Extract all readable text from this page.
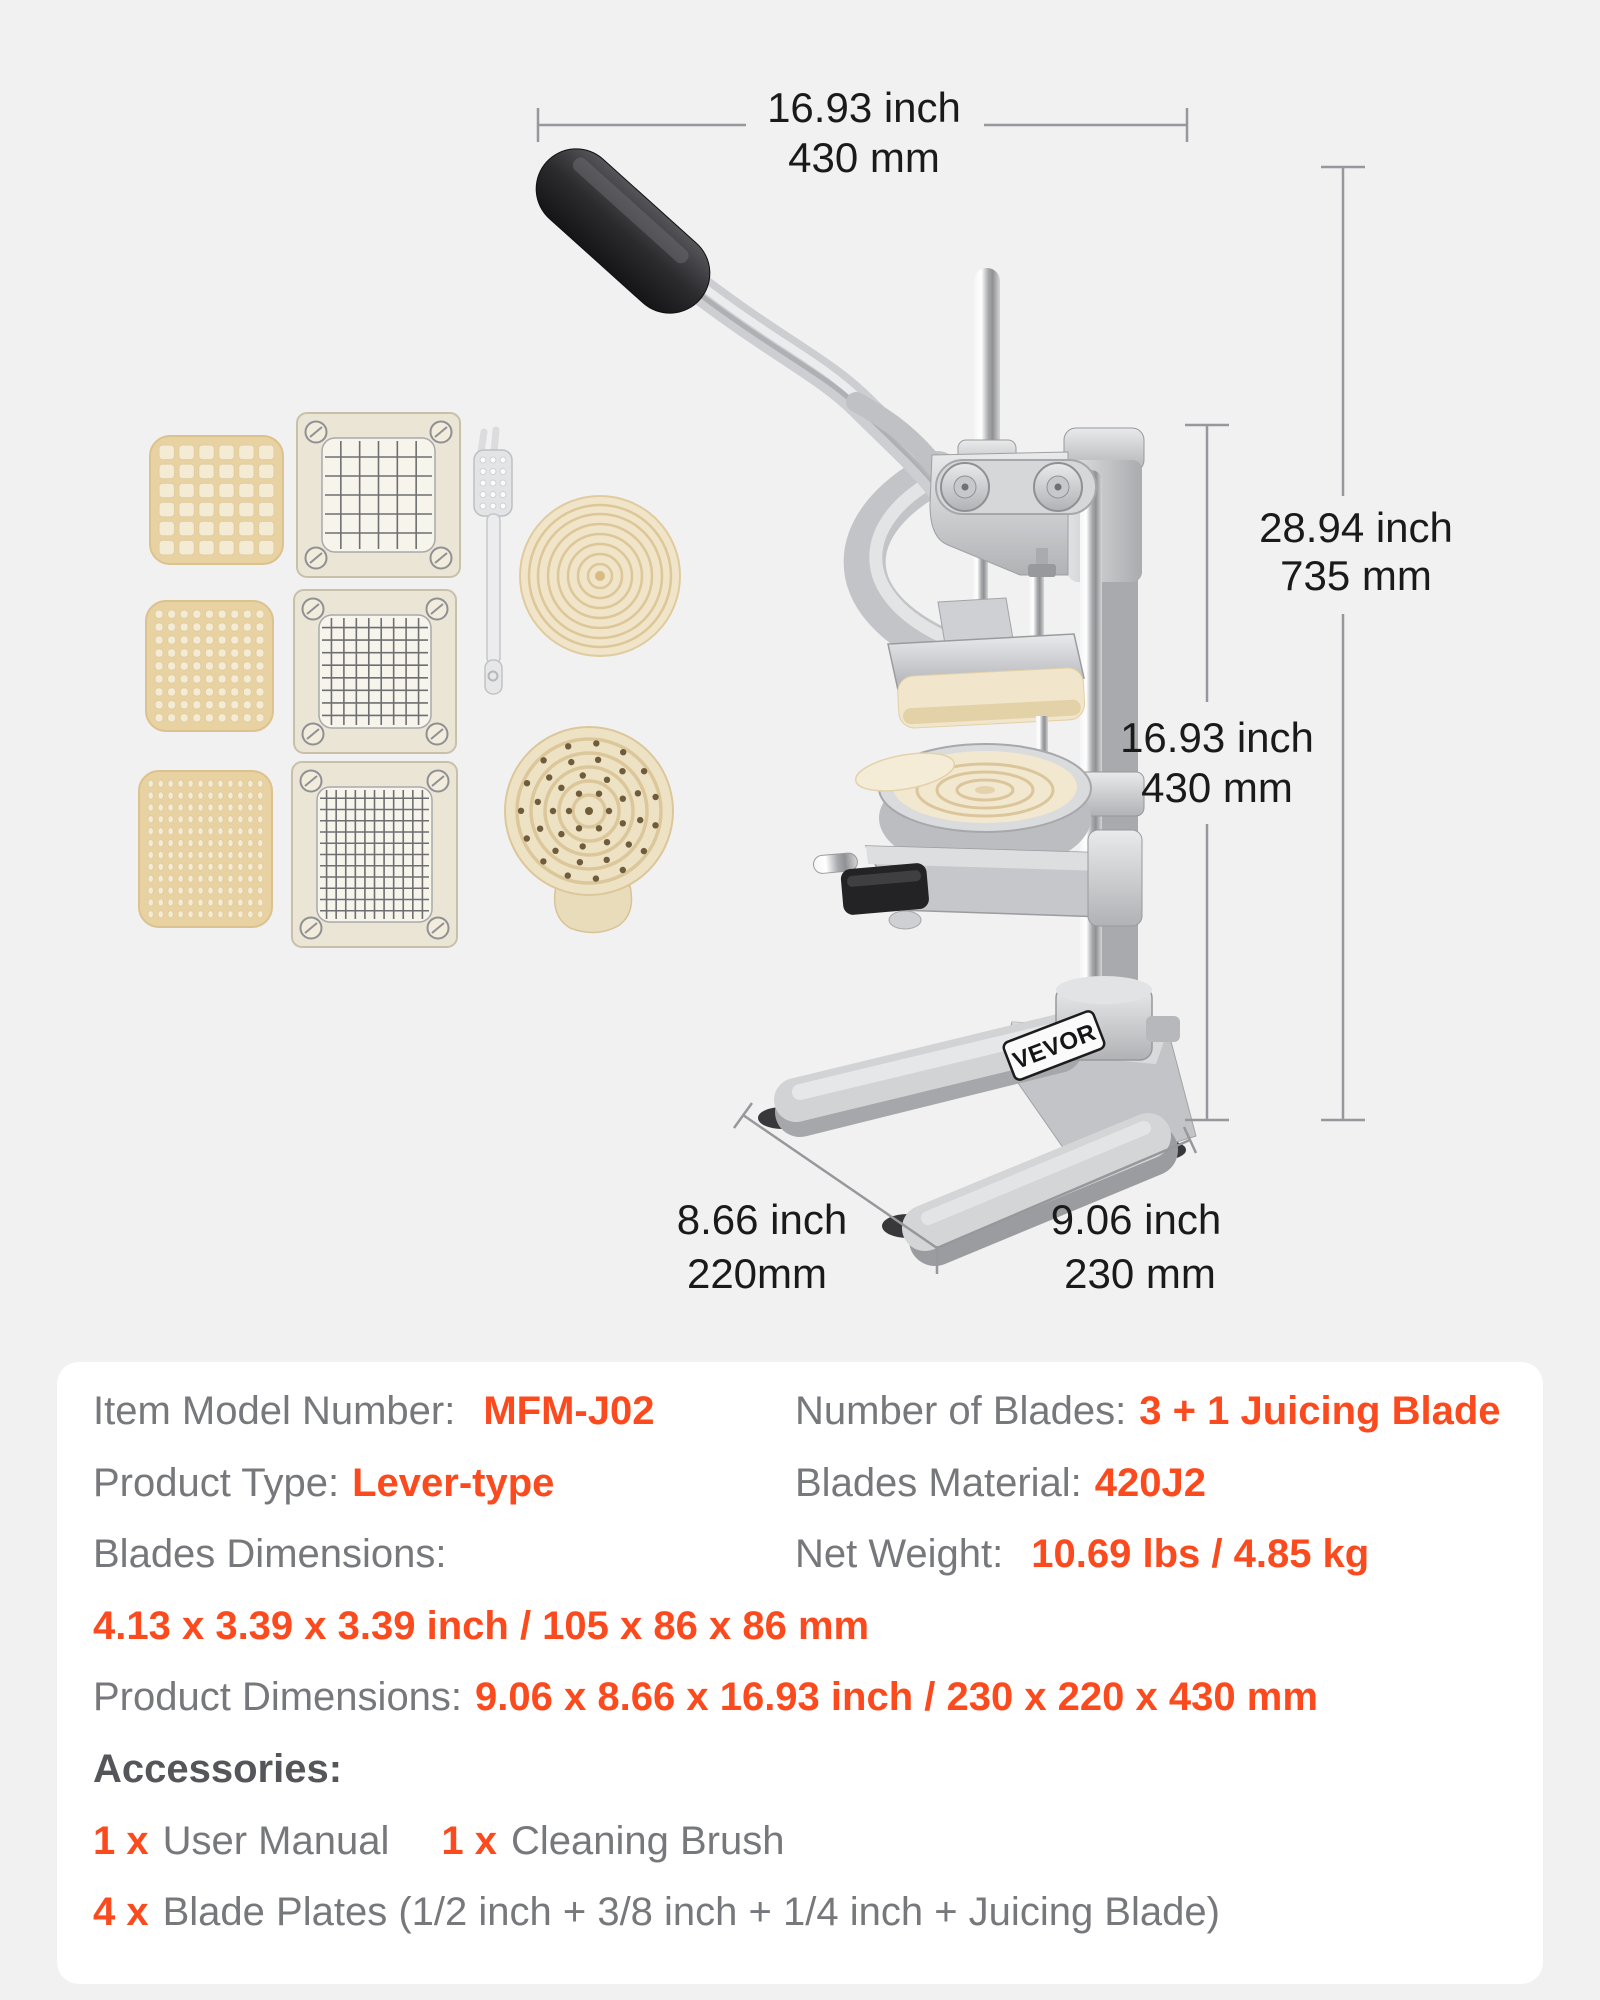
VEVOR
16.93 inch
430 mm
28.94 inch
735 mm
16.93 inch
430 mm
8.66 inch
220mm
9.06 inch
230 mm
Item Model Number: MFM-J02	Number of Blades: 3 + 1 Juicing Blade
Product Type: Lever-type	Blades Material: 420J2
Blades Dimensions:	Net Weight: 10.69 lbs / 4.85 kg
4.13 x 3.39 x 3.39 inch / 105 x 86 x 86 mm
Product Dimensions: 9.06 x 8.66 x 16.93 inch / 230 x 220 x 430 mm
Accessories:
1 x User Manual 1 x Cleaning Brush
4 x Blade Plates (1/2 inch + 3/8 inch + 1/4 inch + Juicing Blade)
